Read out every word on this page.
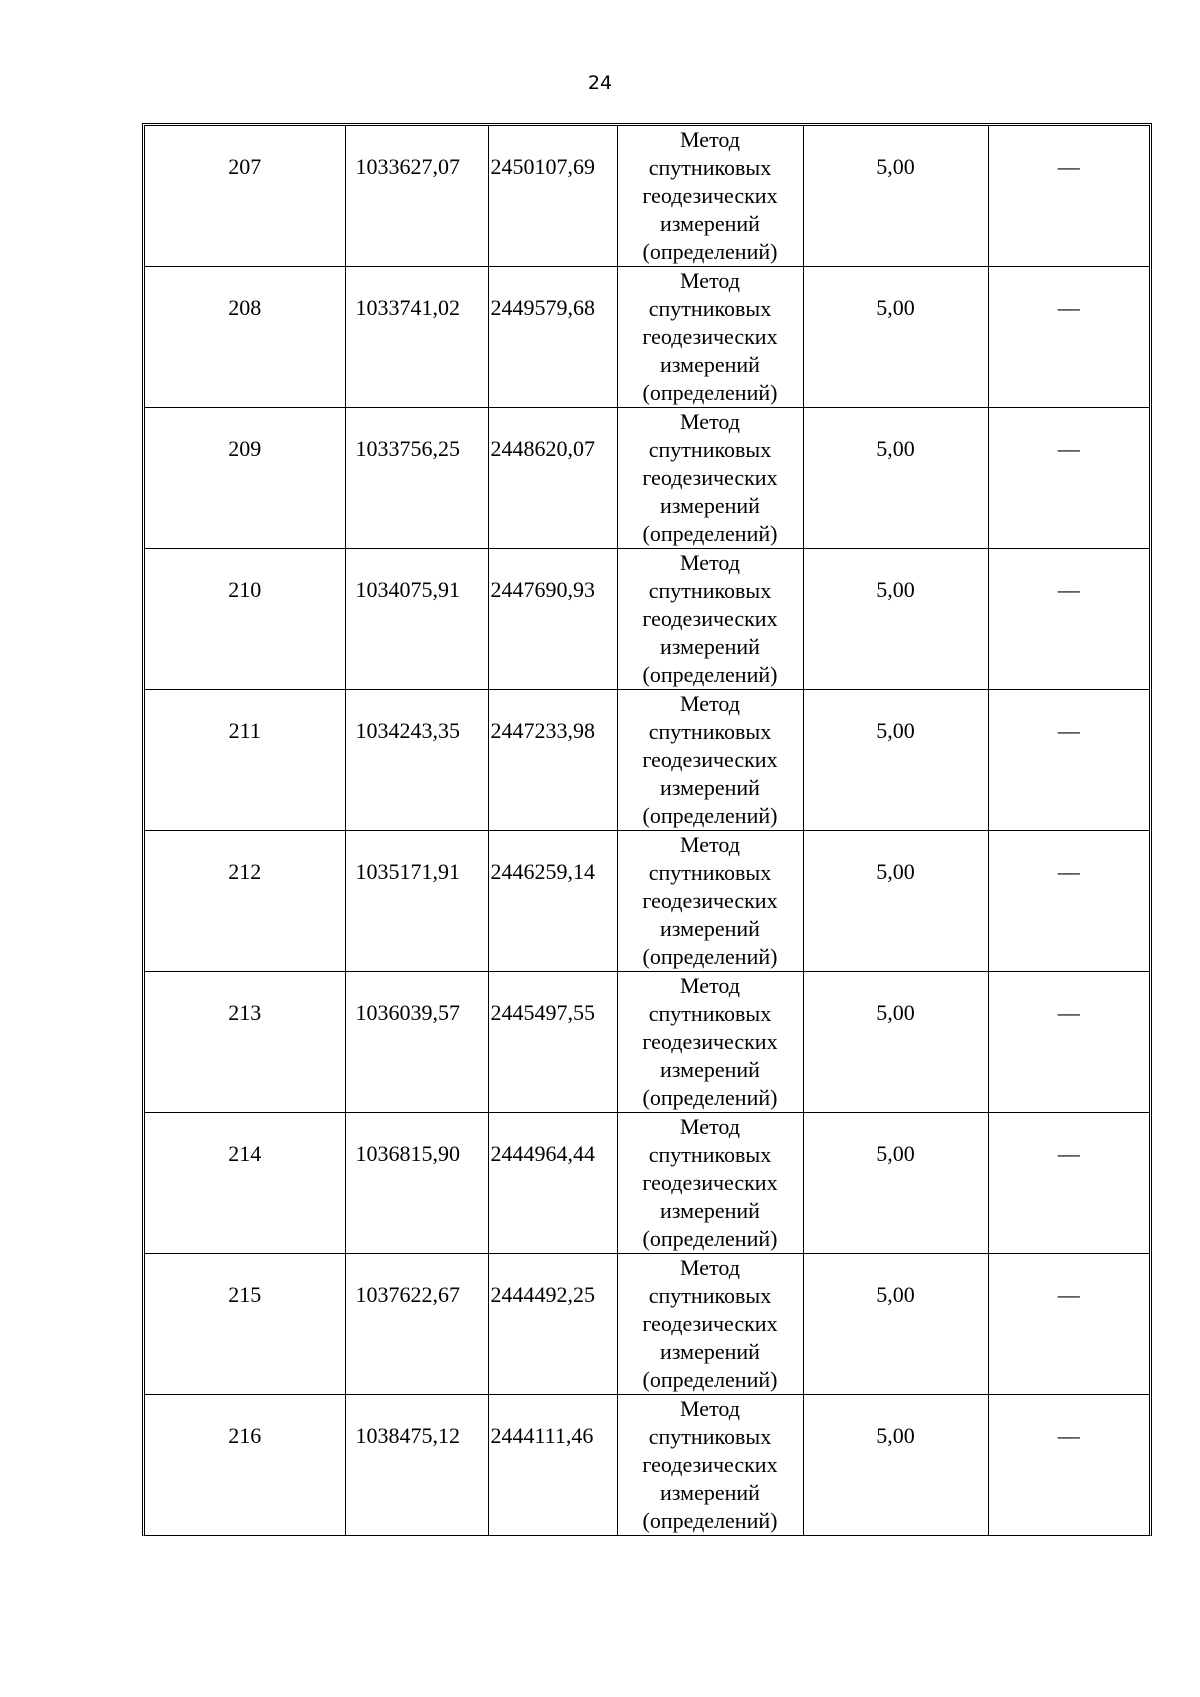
24
207	1033627,07	2450107,69	Метод
спутниковых
геодезических
измерений
(определений)	5,00	—
208	1033741,02	2449579,68	Метод
спутниковых
геодезических
измерений
(определений)	5,00	—
209	1033756,25	2448620,07	Метод
спутниковых
геодезических
измерений
(определений)	5,00	—
210	1034075,91	2447690,93	Метод
спутниковых
геодезических
измерений
(определений)	5,00	—
211	1034243,35	2447233,98	Метод
спутниковых
геодезических
измерений
(определений)	5,00	—
212	1035171,91	2446259,14	Метод
спутниковых
геодезических
измерений
(определений)	5,00	—
213	1036039,57	2445497,55	Метод
спутниковых
геодезических
измерений
(определений)	5,00	—
214	1036815,90	2444964,44	Метод
спутниковых
геодезических
измерений
(определений)	5,00	—
215	1037622,67	2444492,25	Метод
спутниковых
геодезических
измерений
(определений)	5,00	—
216	1038475,12	2444111,46	Метод
спутниковых
геодезических
измерений
(определений)	5,00	—
